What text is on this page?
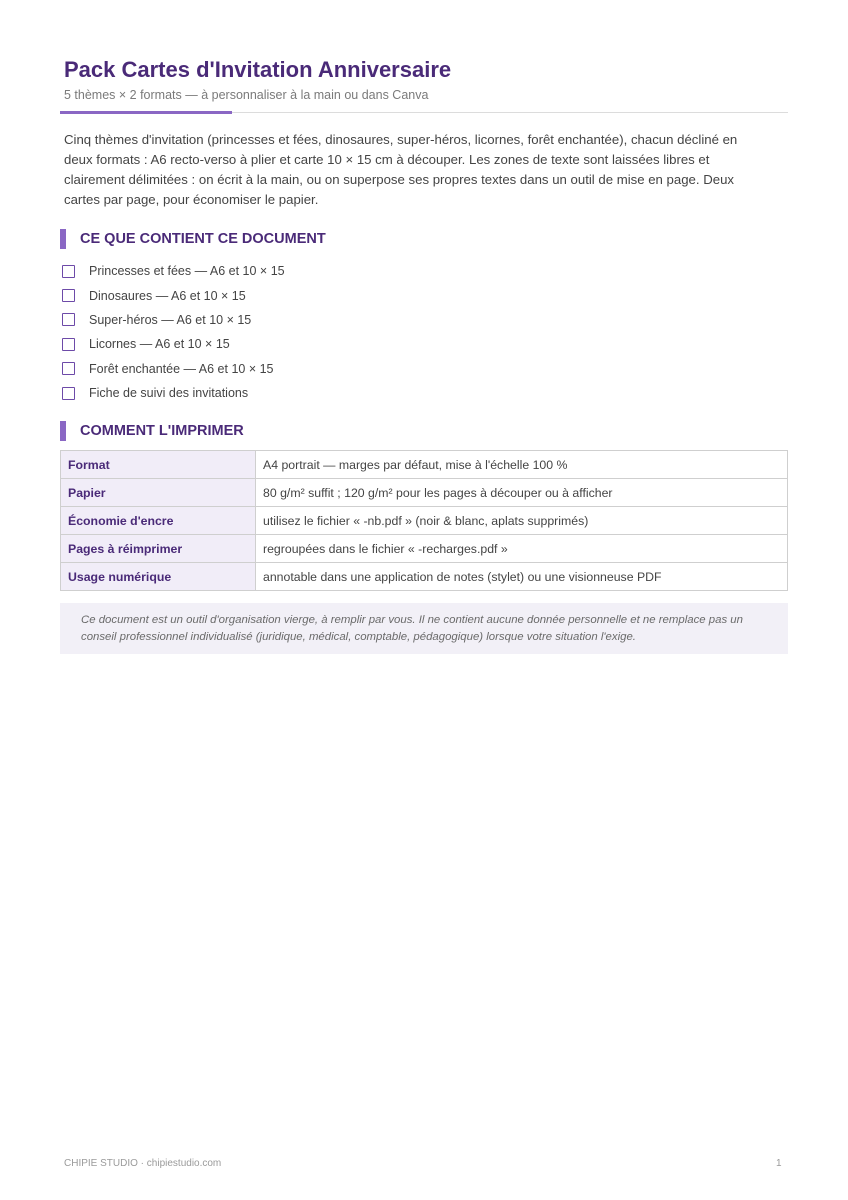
Pack Cartes d'Invitation Anniversaire
5 thèmes × 2 formats — à personnaliser à la main ou dans Canva

Cinq thèmes d'invitation (princesses et fées, dinosaures, super-héros, licornes, forêt enchantée), chacun décliné en deux formats : A6 recto-verso à plier et carte 10 × 15 cm à découper. Les zones de texte sont laissées libres et clairement délimitées : on écrit à la main, ou on superpose ses propres textes dans un outil de mise en page. Deux cartes par page, pour économiser le papier.

CE QUE CONTIENT CE DOCUMENT
Princesses et fées — A6 et 10 × 15
Dinosaures — A6 et 10 × 15
Super-héros — A6 et 10 × 15
Licornes — A6 et 10 × 15
Forêt enchantée — A6 et 10 × 15
Fiche de suivi des invitations
COMMENT L'IMPRIMER
Format	A4 portrait — marges par défaut, mise à l'échelle 100 %
Papier	80 g/m² suffit ; 120 g/m² pour les pages à découper ou à afficher
Économie d'encre	utilisez le fichier « -nb.pdf » (noir & blanc, aplats supprimés)
Pages à réimprimer	regroupées dans le fichier « -recharges.pdf »
Usage numérique	annotable dans une application de notes (stylet) ou une visionneuse PDF
Ce document est un outil d'organisation vierge, à remplir par vous. Il ne contient aucune donnée personnelle et ne remplace pas un conseil professionnel individualisé (juridique, médical, comptable, pédagogique) lorsque votre situation l'exige.
CHIPIE STUDIO · chipiestudio.com	1
